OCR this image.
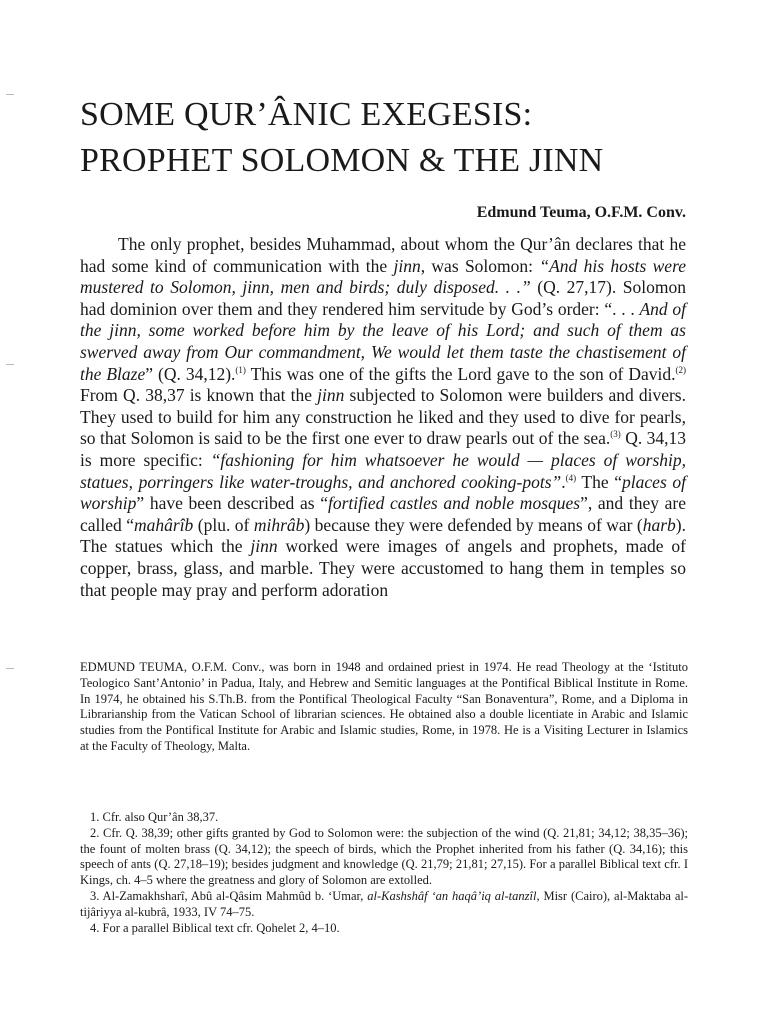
SOME QUR’ÂNIC EXEGESIS:
PROPHET SOLOMON & THE JINN
Edmund Teuma, O.F.M. Conv.

The only prophet, besides Muhammad, about whom the Qur’ân declares that he had some kind of communication with the jinn, was Solomon: “And his hosts were mustered to Solomon, jinn, men and birds; duly disposed. . .” (Q. 27,17). Solomon had dominion over them and they rendered him servitude by God’s order: “. . . And of the jinn, some worked before him by the leave of his Lord; and such of them as swerved away from Our commandment, We would let them taste the chastisement of the Blaze” (Q. 34,12).$^{(1)}$ This was one of the gifts the Lord gave to the son of David.$^{(2)}$ From Q. 38,37 is known that the jinn subjected to Solomon were builders and divers. They used to build for him any construction he liked and they used to dive for pearls, so that Solomon is said to be the first one ever to draw pearls out of the sea.$^{(3)}$ Q. 34,13 is more specific: “fashioning for him whatsoever he would — places of worship, statues, porringers like water-troughs, and anchored cooking-pots”.$^{(4)}$ The “places of worship” have been described as “fortified castles and noble mosques”, and they are called “mahârîb (plu. of mihrâb) because they were defended by means of war (harb). The statues which the jinn worked were images of angels and prophets, made of copper, brass, glass, and marble. They were accustomed to hang them in temples so that people may pray and perform adoration

EDMUND TEUMA, O.F.M. Conv., was born in 1948 and ordained priest in 1974. He read Theology at the ‘Istituto Teologico Sant’Antonio’ in Padua, Italy, and Hebrew and Semitic languages at the Pontifical Biblical Institute in Rome. In 1974, he obtained his S.Th.B. from the Pontifical Theological Faculty “San Bonaventura”, Rome, and a Diploma in Librarianship from the Vatican School of librarian sciences. He obtained also a double licentiate in Arabic and Islamic studies from the Pontifical Institute for Arabic and Islamic studies, Rome, in 1978. He is a Visiting Lecturer in Islamics at the Faculty of Theology, Malta.

1. Cfr. also Qur’ân 38,37.

2. Cfr. Q. 38,39; other gifts granted by God to Solomon were: the subjection of the wind (Q. 21,81; 34,12; 38,35–36); the fount of molten brass (Q. 34,12); the speech of birds, which the Prophet inherited from his father (Q. 34,16); this speech of ants (Q. 27,18–19); besides judgment and knowledge (Q. 21,79; 21,81; 27,15). For a parallel Biblical text cfr. I Kings, ch. 4–5 where the greatness and glory of Solomon are extolled.

3. Al-Zamakhsharî, Abû al-Qâsim Mahmûd b. ‘Umar, al-Kashshâf ‘an haqâ’iq al-tanzîl, Misr (Cairo), al-Maktaba al-tijâriyya al-kubrâ, 1933, IV 74–75.

4. For a parallel Biblical text cfr. Qohelet 2, 4–10.
